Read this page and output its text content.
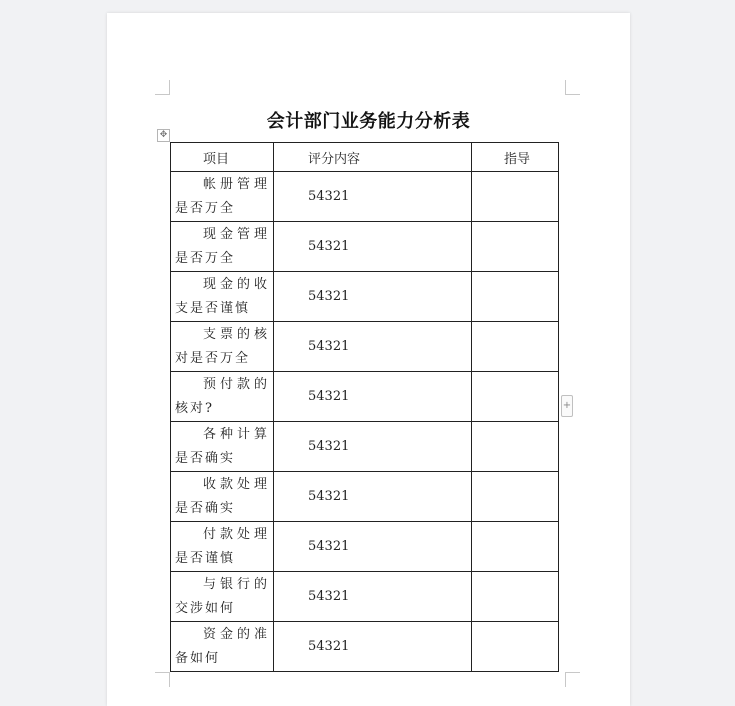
会计部门业务能力分析表
✥
+
项目	评分内容	指导

帐册管理
是否万全	54321	

现金管理
是否万全	54321	

现金的收
支是否谨慎	54321	

支票的核
对是否万全	54321	

预付款的
核对?	54321	

各种计算
是否确实	54321	

收款处理
是否确实	54321	

付款处理
是否谨慎	54321	

与银行的
交涉如何	54321	

资金的准
备如何	54321	
